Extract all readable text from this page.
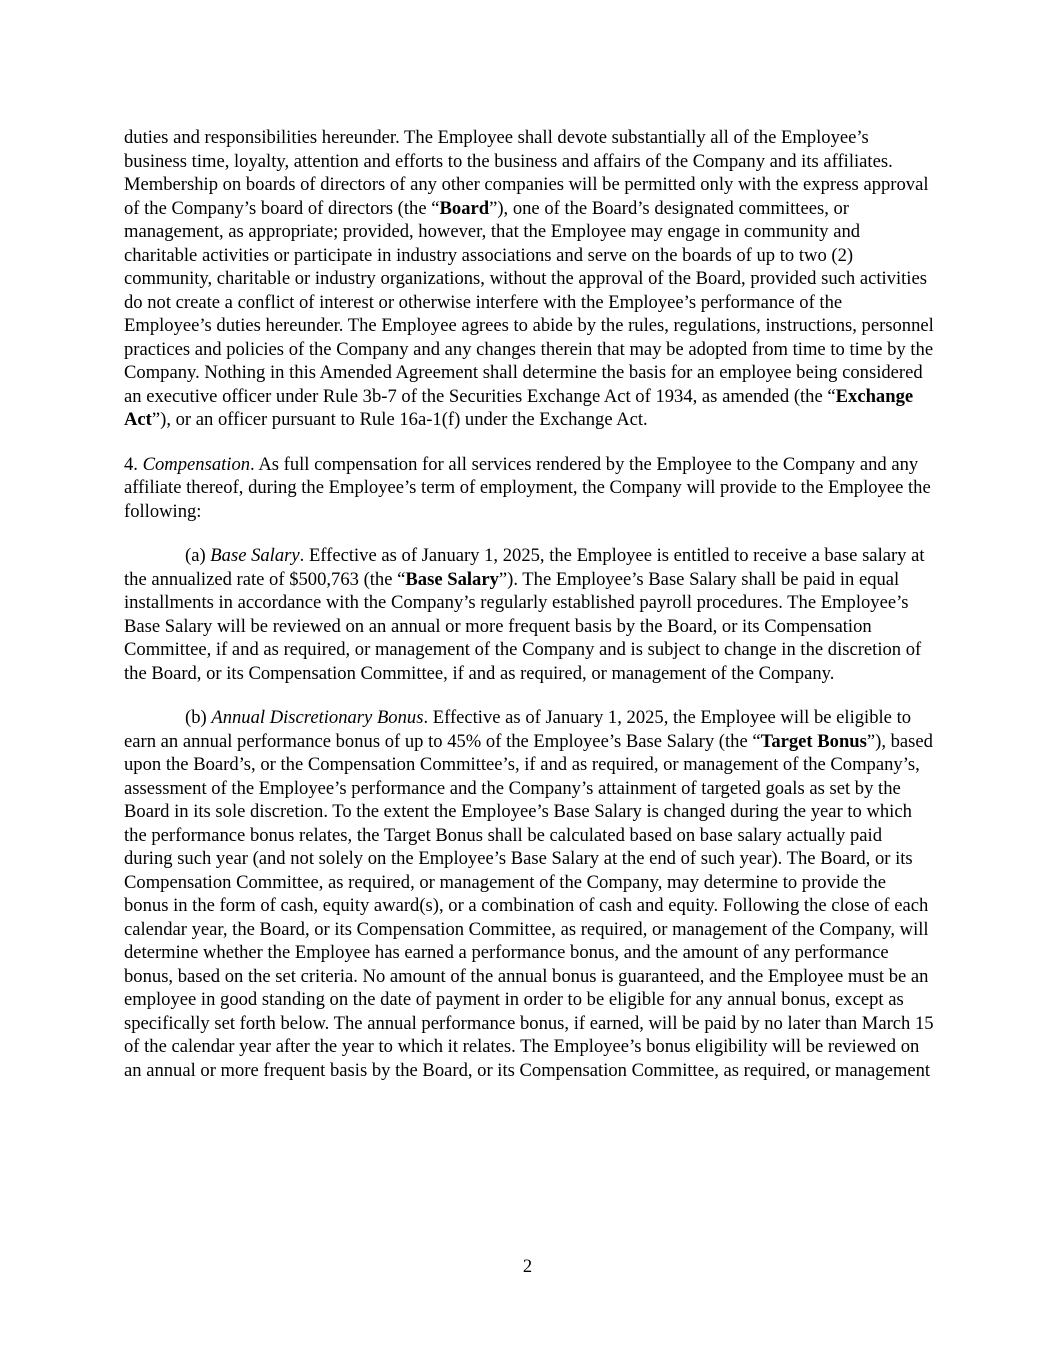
duties and responsibilities hereunder. The Employee shall devote substantially all of the Employee’s business time, loyalty, attention and efforts to the business and affairs of the Company and its affiliates. Membership on boards of directors of any other companies will be permitted only with the express approval of the Company’s board of directors (the “Board”), one of the Board’s designated committees, or management, as appropriate; provided, however, that the Employee may engage in community and charitable activities or participate in industry associations and serve on the boards of up to two (2) community, charitable or industry organizations, without the approval of the Board, provided such activities do not create a conflict of interest or otherwise interfere with the Employee’s performance of the Employee’s duties hereunder. The Employee agrees to abide by the rules, regulations, instructions, personnel practices and policies of the Company and any changes therein that may be adopted from time to time by the Company. Nothing in this Amended Agreement shall determine the basis for an employee being considered an executive officer under Rule 3b-7 of the Securities Exchange Act of 1934, as amended (the “Exchange Act”), or an officer pursuant to Rule 16a-1(f) under the Exchange Act.

4. Compensation. As full compensation for all services rendered by the Employee to the Company and any affiliate thereof, during the Employee’s term of employment, the Company will provide to the Employee the following:

(a) Base Salary. Effective as of January 1, 2025, the Employee is entitled to receive a base salary at the annualized rate of $500,763 (the “Base Salary”). The Employee’s Base Salary shall be paid in equal installments in accordance with the Company’s regularly established payroll procedures. The Employee’s Base Salary will be reviewed on an annual or more frequent basis by the Board, or its Compensation Committee, if and as required, or management of the Company and is subject to change in the discretion of the Board, or its Compensation Committee, if and as required, or management of the Company.

(b) Annual Discretionary Bonus. Effective as of January 1, 2025, the Employee will be eligible to earn an annual performance bonus of up to 45% of the Employee’s Base Salary (the “Target Bonus”), based upon the Board’s, or the Compensation Committee’s, if and as required, or management of the Company’s, assessment of the Employee’s performance and the Company’s attainment of targeted goals as set by the Board in its sole discretion. To the extent the Employee’s Base Salary is changed during the year to which the performance bonus relates, the Target Bonus shall be calculated based on base salary actually paid during such year (and not solely on the Employee’s Base Salary at the end of such year). The Board, or its Compensation Committee, as required, or management of the Company, may determine to provide the bonus in the form of cash, equity award(s), or a combination of cash and equity. Following the close of each calendar year, the Board, or its Compensation Committee, as required, or management of the Company, will determine whether the Employee has earned a performance bonus, and the amount of any performance bonus, based on the set criteria. No amount of the annual bonus is guaranteed, and the Employee must be an employee in good standing on the date of payment in order to be eligible for any annual bonus, except as specifically set forth below. The annual performance bonus, if earned, will be paid by no later than March 15 of the calendar year after the year to which it relates. The Employee’s bonus eligibility will be reviewed on an annual or more frequent basis by the Board, or its Compensation Committee, as required, or management

2
